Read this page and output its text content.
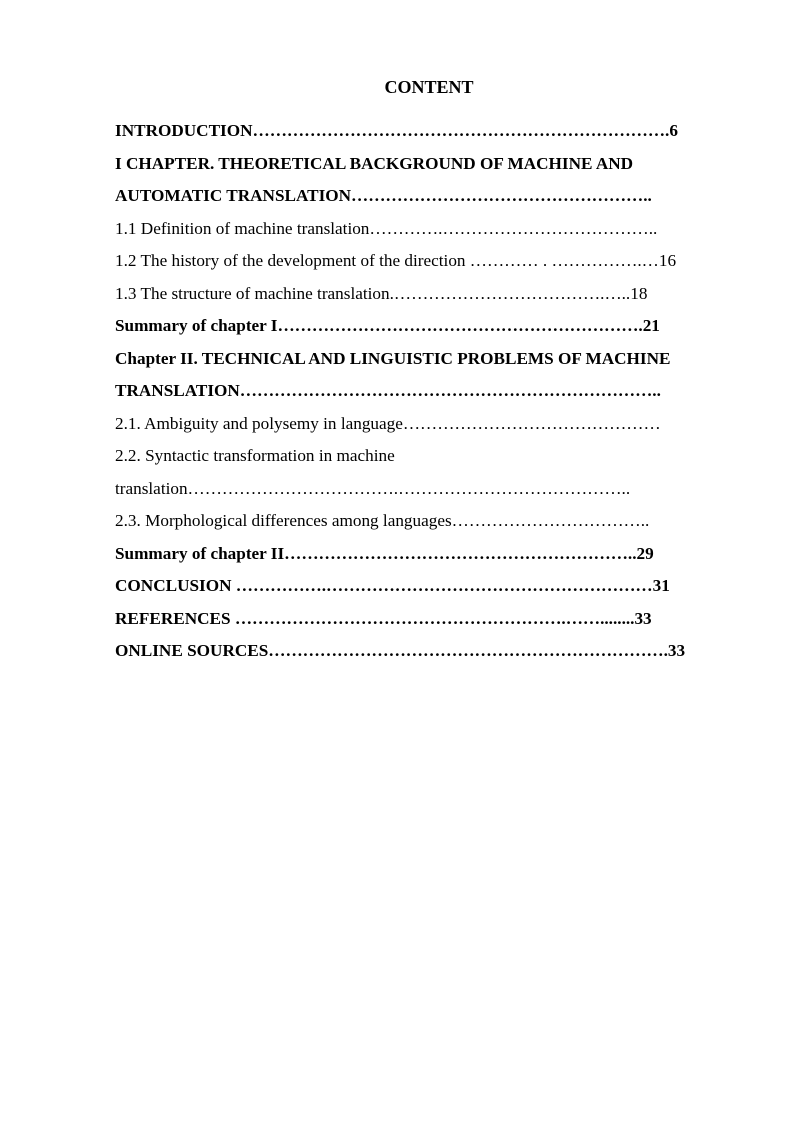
CONTENT
INTRODUCTION……………………………………………………………….6
I CHAPTER. THEORETICAL BACKGROUND OF MACHINE AND
AUTOMATIC TRANSLATION……………………………………………..
1.1 Definition of machine translation………….………………………………..
1.2 The history of the development of the direction ………… . …………….…16
1.3 The structure of machine translation.……………………………….…..18
Summary of chapter I……………………………………………………….21
Chapter II. TECHNICAL AND LINGUISTIC PROBLEMS OF MACHINE
TRANSLATION………………………………………………………………..
2.1. Ambiguity and polysemy in language………………………………………
2.2. Syntactic transformation in machine
translation……………………………….…………………………………..
2.3. Morphological differences among languages……………………………..
Summary of chapter II……………………………………………………..29
CONCLUSION …………….…………………………………………………31
REFERENCES ………………………………………………….……........33
ONLINE SOURCES…………………………………………………………….33
